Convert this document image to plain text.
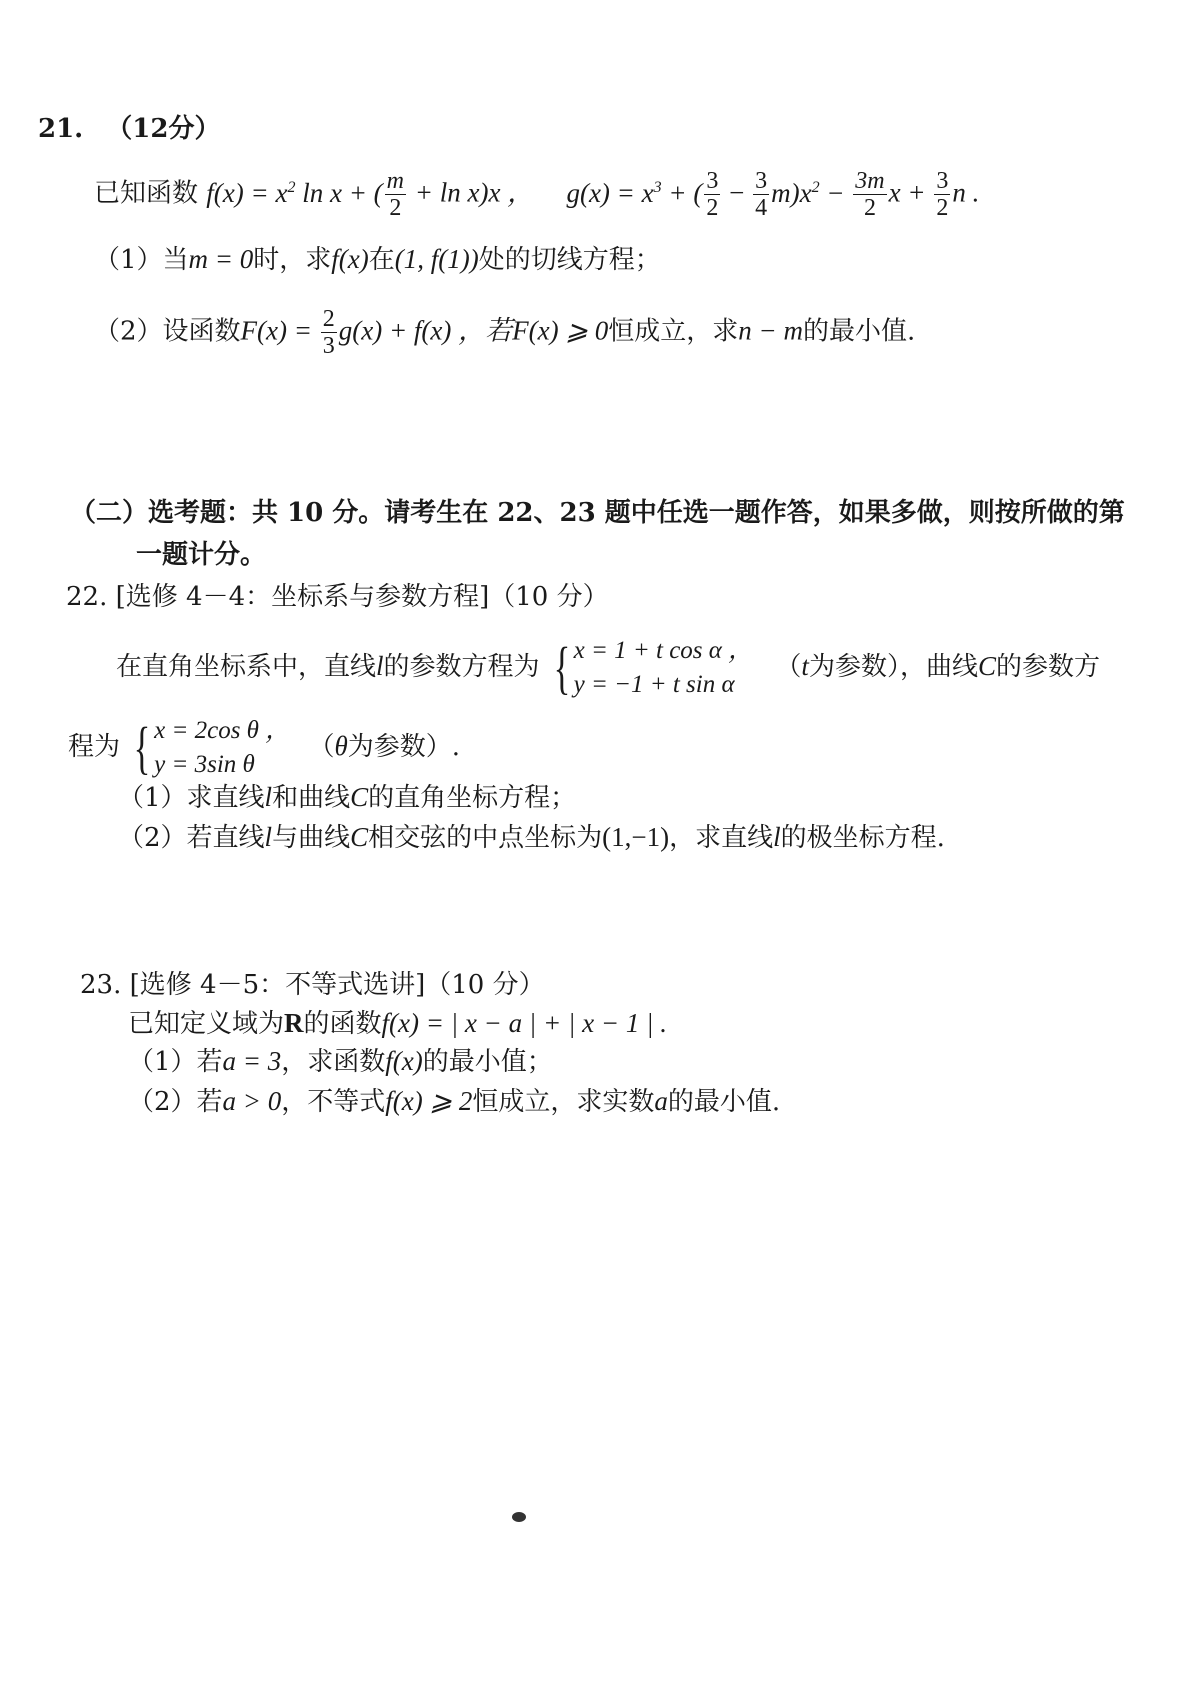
21. （12分）
已知函数 $f(x) = x^2$ ln x + ( $\frac{m}{2} + \ln x)x$ ， $g(x) = x^3$ + ( $\frac{3}{2} - \frac{3}{4} m)x^2 - \frac{3m}{2}$ $x + \frac{3}{2}$ n .
（1）当m = 0时，求f(x)在(1, f(1))处的切线方程；
（2）设函数$F(x) = \frac{2}{3} g(x) + f(x)$ ，若F(x) ⩾ 0恒成立，求n − m的最小值.
（二）选考题：共 10 分。请考生在 22、23 题中任选一题作答，如果多做，则按所做的第
一题计分。
22. [选修 4－4：坐标系与参数方程]（10 分）
在直角坐标系中，直线l的参数方程为 { x = 1 + t cos α ，
y = −1 + t sin α
（t为参数），曲线C的参数方
程为 { x = 2cos θ ，
y = 3sin θ
（θ为参数）.
（1）求直线l和曲线C的直角坐标方程；
（2）若直线l与曲线C相交弦的中点坐标为(1,−1)，求直线l的极坐标方程.
23. [选修 4－5：不等式选讲]（10 分）
已知定义域为R的函数f(x) = | x − a | + | x − 1 | .
（1）若a = 3，求函数f(x)的最小值；
（2）若a > 0，不等式f(x) ⩾ 2恒成立，求实数a的最小值.
